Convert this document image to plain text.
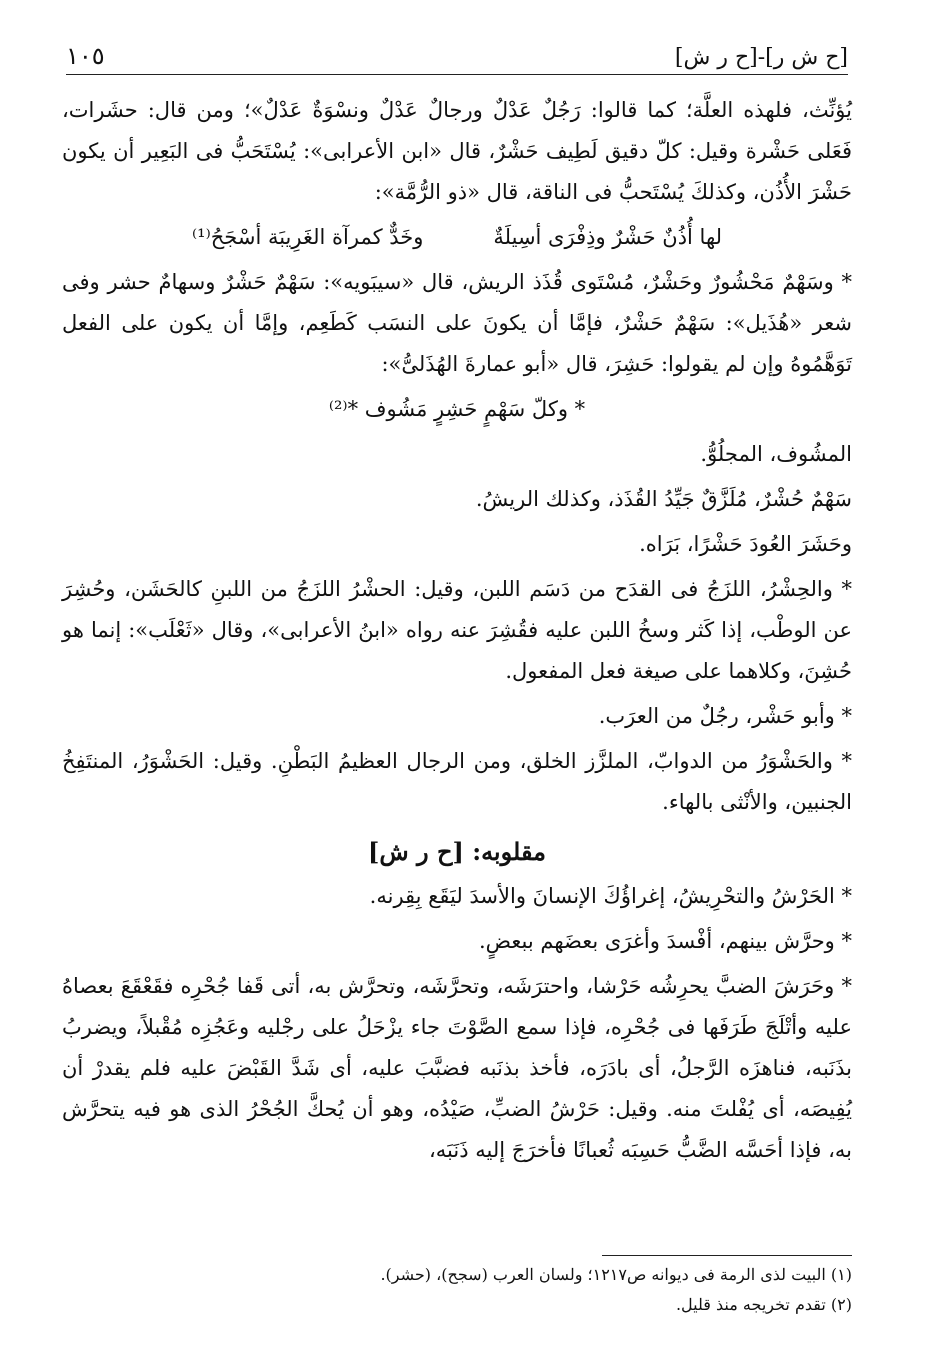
[ح ش ر]-[ح ر ش]
١٠٥

يُؤنِّث، فلهذه العلَّة؛ كما قالوا: رَجُلٌ عَدْلٌ ورجالٌ عَدْلٌ ونسْوَةٌ عَدْلٌ»؛ ومن قال: حشَرات، فَعَلى حَشْرة وقيل: كلّ دقيق لَطِيف حَشْرٌ، قال «ابن الأعرابى»: يُسْتَحَبُّ فى البَعِير أن يكون حَشْرَ الأُذُن، وكذلكَ يُسْتَحبُّ فى الناقة، قال «ذو الرُّمَّة»:

لها أُذُنٌ حَشْرٌ وذِفْرَى أسِيلَةٌ
وخَدٌّ كمرآة الغَرِيبَة أسْجَحُ⁽¹⁾

* وسَهْمٌ مَحْشُورٌ وحَشْرٌ، مُسْتَوى قُذَذ الريش، قال «سيبَويه»: سَهْمٌ حَشْرٌ وسهامٌ حشر وفى شعر «هُذَيل»: سَهْمٌ حَشْرٌ، فإمَّا أن يكونَ على النسَب كَطَعِم، وإمَّا أن يكون على الفعل تَوَهَّمُوهُ وإن لم يقولوا: حَشِرَ، قال «أبو عمارةَ الهُذَلىُّ»:

* وكلّ سَهْمٍ حَشِرٍ مَشُوف *⁽²⁾

المشُوف، المجلُوُّ.

سَهْمٌ حُشْرٌ، مُلَزَّقٌ جَيِّدُ القُذَذ، وكذلك الريشُ.

وحَشَرَ العُودَ حَشْرًا، بَرَاه.

* والحِشْرُ، اللزَجُ فى القدَح من دَسَم اللبن، وقيل: الحشْرُ اللزَجُ من اللبنِ كالحَشَن، وحُشِرَ عن الوطْب، إذا كَثر وسخُ اللبن عليه فقُشِرَ عنه رواه «ابنُ الأعرابى»، وقال «ثَعْلَب»: إنما هو حُشِنَ، وكلاهما على صيغة فعل المفعول.

* وأبو حَشْر، رجُلٌ من العرَب.

* والحَشْوَرُ من الدوابّ، الملزَّز الخلق، ومن الرجال العظيمُ البَطْنِ. وقيل: الحَشْوَرُ، المنتَفِخُ الجنبين، والأنْثى بالهاء.

مقلوبه: [ح ر ش]

* الحَرْشُ والتحْرِيشُ، إغراؤُكَ الإنسانَ والأسدَ ليَقَع بِقِرنه.

* وحرَّش بينهم، أفْسدَ وأغرَى بعضَهم ببعضٍ.

* وحَرَشَ الضبَّ يحرِشُه حَرْشا، واحترَشَه، وتحرَّشَه، وتحرَّش به، أتى قَفا جُحْرِه فقَعْقَعَ بعصاهُ عليه وأتْلَجَ طَرَفَها فى جُحْرِه، فإذا سمع الصَّوْتَ جاء يزْحَلُ على رجْليه وعَجُزِه مُقْبلاً، ويضربُ بذَنَبه، فناهزَه الرَّجلُ، أى بادَرَه، فأخذ بذنَبه فضبَّبَ عليه، أى شَدَّ القَبْضَ عليه فلم يقدرْ أن يُفِيصَه، أى يُفْلتَ منه. وقيل: حَرْشُ الضبِّ، صَيْدُه، وهو أن يُحكَّ الجُحْرُ الذى هو فيه يتحرَّش به، فإذا أحَسَّه الضَّبُّ حَسِبَه ثُعبانًا فأخرَجَ إليه ذَنَبَه،

(١) البيت لذى الرمة فى ديوانه ص١٢١٧؛ ولسان العرب (سجح)، (حشر).

(٢) تقدم تخريجه منذ قليل.
